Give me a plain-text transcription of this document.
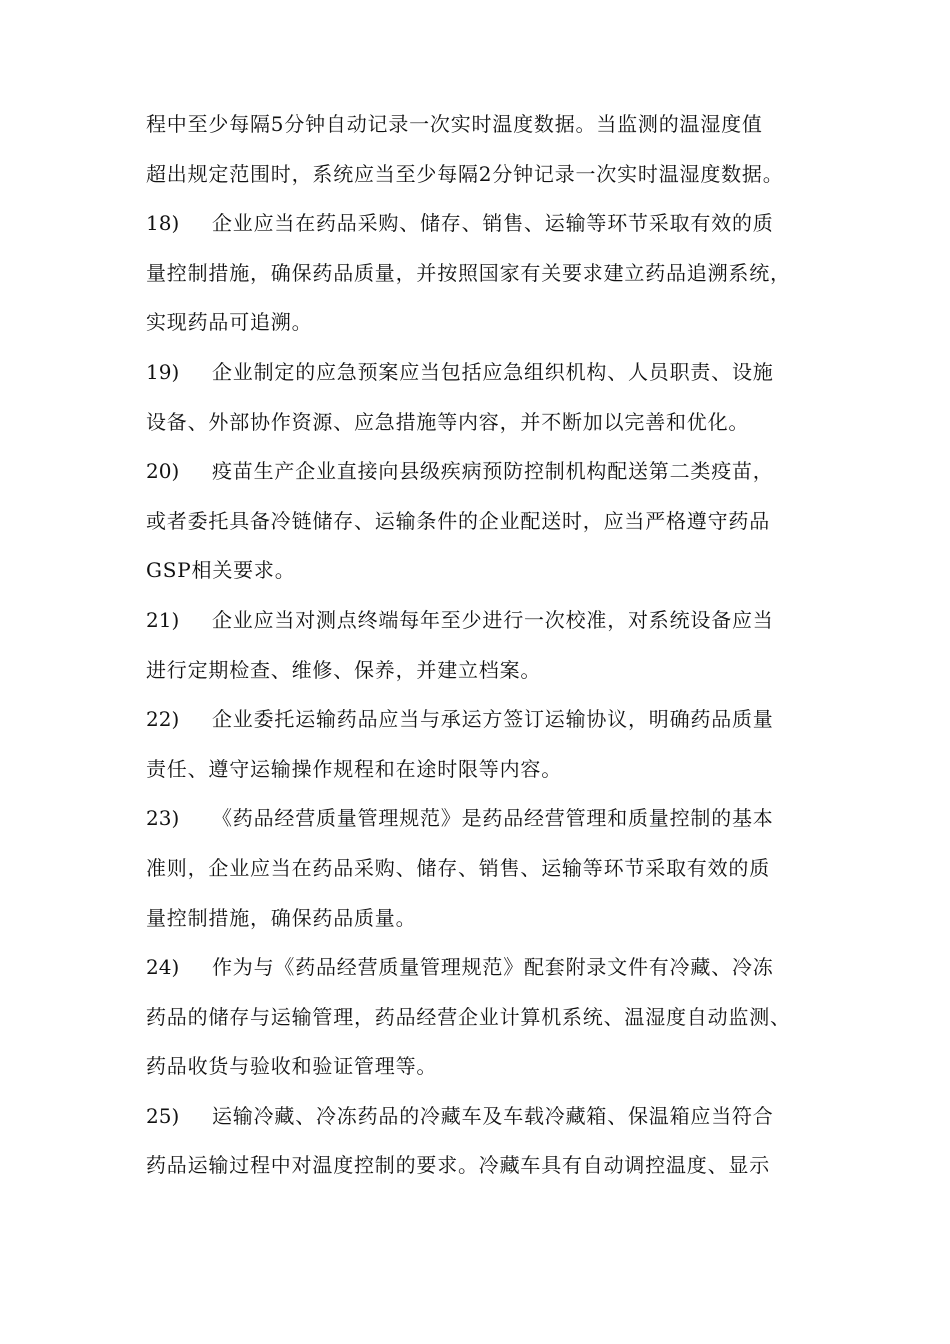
程中至少每隔5分钟自动记录一次实时温度数据。当监测的温湿度值
超出规定范围时，系统应当至少每隔2分钟记录一次实时温湿度数据。
18) 企业应当在药品采购、储存、销售、运输等环节采取有效的质
量控制措施，确保药品质量，并按照国家有关要求建立药品追溯系统，
实现药品可追溯。
19) 企业制定的应急预案应当包括应急组织机构、人员职责、设施
设备、外部协作资源、应急措施等内容，并不断加以完善和优化。
20) 疫苗生产企业直接向县级疾病预防控制机构配送第二类疫苗，
或者委托具备冷链储存、运输条件的企业配送时，应当严格遵守药品
GSP相关要求。
21) 企业应当对测点终端每年至少进行一次校准，对系统设备应当
进行定期检查、维修、保养，并建立档案。
22) 企业委托运输药品应当与承运方签订运输协议，明确药品质量
责任、遵守运输操作规程和在途时限等内容。
23) 《药品经营质量管理规范》是药品经营管理和质量控制的基本
准则，企业应当在药品采购、储存、销售、运输等环节采取有效的质
量控制措施，确保药品质量。
24) 作为与《药品经营质量管理规范》配套附录文件有冷藏、冷冻
药品的储存与运输管理，药品经营企业计算机系统、温湿度自动监测、
药品收货与验收和验证管理等。
25) 运输冷藏、冷冻药品的冷藏车及车载冷藏箱、保温箱应当符合
药品运输过程中对温度控制的要求。冷藏车具有自动调控温度、显示
